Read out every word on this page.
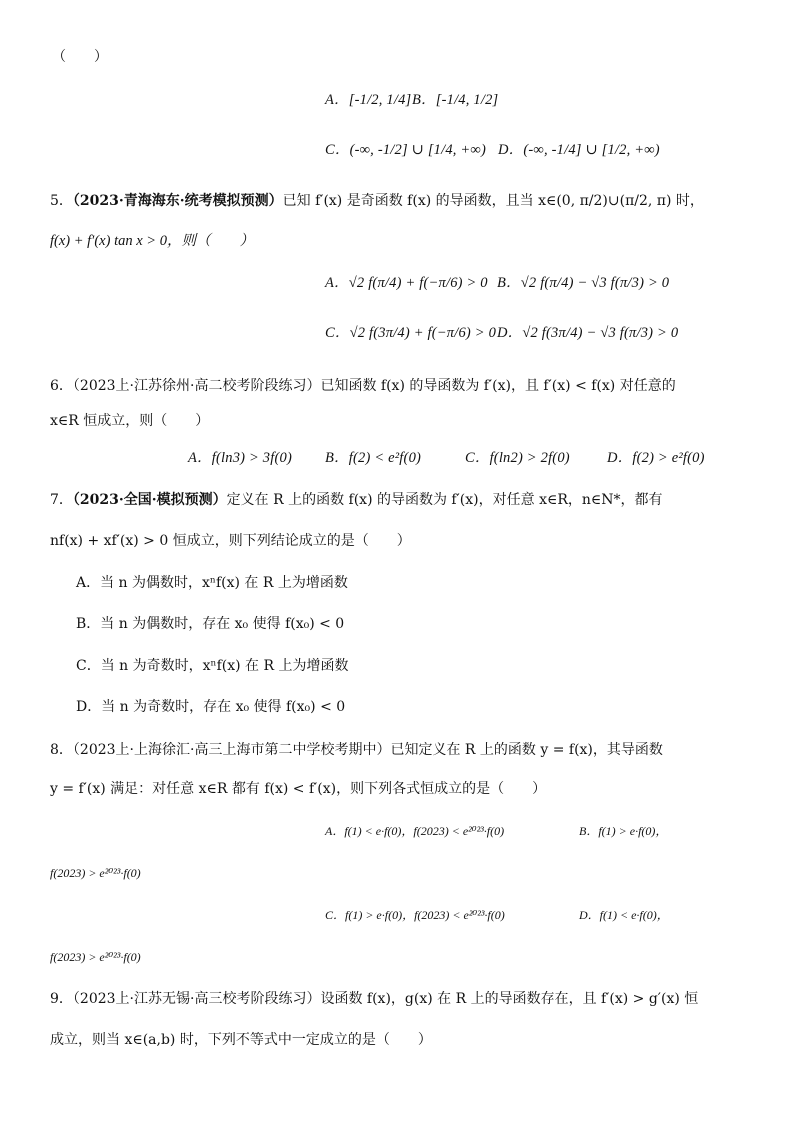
（　　）
A．[-1/2, 1/4] B．[-1/4, 1/2]
C．(-∞, -1/2] ∪ [1/4, +∞) D．(-∞, -1/4] ∪ [1/2, +∞)
5．（2023·青海海东·统考模拟预测）已知 f′(x) 是奇函数 f(x) 的导函数，且当 x∈(0, π/2)∪(π/2, π) 时，
f(x) + f′(x) tan x > 0，则（　　）
A．√2 f(π/4) + f(−π/6) > 0 B．√2 f(π/4) − √3 f(π/3) > 0
C．√2 f(3π/4) + f(−π/6) > 0 D．√2 f(3π/4) − √3 f(π/3) > 0
6．（2023上·江苏徐州·高二校考阶段练习）已知函数 f(x) 的导函数为 f′(x)，且 f′(x) < f(x) 对任意的
x∈R 恒成立，则（　　）
A．f(ln3) > 3f(0) B．f(2) < e²f(0)	C．f(ln2) > 2f(0)	D．f(2) > e²f(0)
7．（2023·全国·模拟预测）定义在 R 上的函数 f(x) 的导函数为 f′(x)，对任意 x∈R，n∈N*，都有
nf(x) + xf′(x) > 0 恒成立，则下列结论成立的是（　　）
A．当 n 为偶数时，xⁿf(x) 在 R 上为增函数
B．当 n 为偶数时，存在 x₀ 使得 f(x₀) < 0
C．当 n 为奇数时，xⁿf(x) 在 R 上为增函数
D．当 n 为奇数时，存在 x₀ 使得 f(x₀) < 0
8．（2023上·上海徐汇·高三上海市第二中学校考期中）已知定义在 R 上的函数 y = f(x)，其导函数
y = f′(x) 满足：对任意 x∈R 都有 f(x) < f′(x)，则下列各式恒成立的是（　　）
A．f(1) < e·f(0)，f(2023) < e²⁰²³·f(0)	B．f(1) > e·f(0)，
f(2023) > e²⁰²³·f(0)
C．f(1) > e·f(0)，f(2023) < e²⁰²³·f(0)	D．f(1) < e·f(0)，
f(2023) > e²⁰²³·f(0)
9．（2023上·江苏无锡·高三校考阶段练习）设函数 f(x)，g(x) 在 R 上的导函数存在，且 f′(x) > g′(x) 恒
成立，则当 x∈(a,b) 时，下列不等式中一定成立的是（　　）
